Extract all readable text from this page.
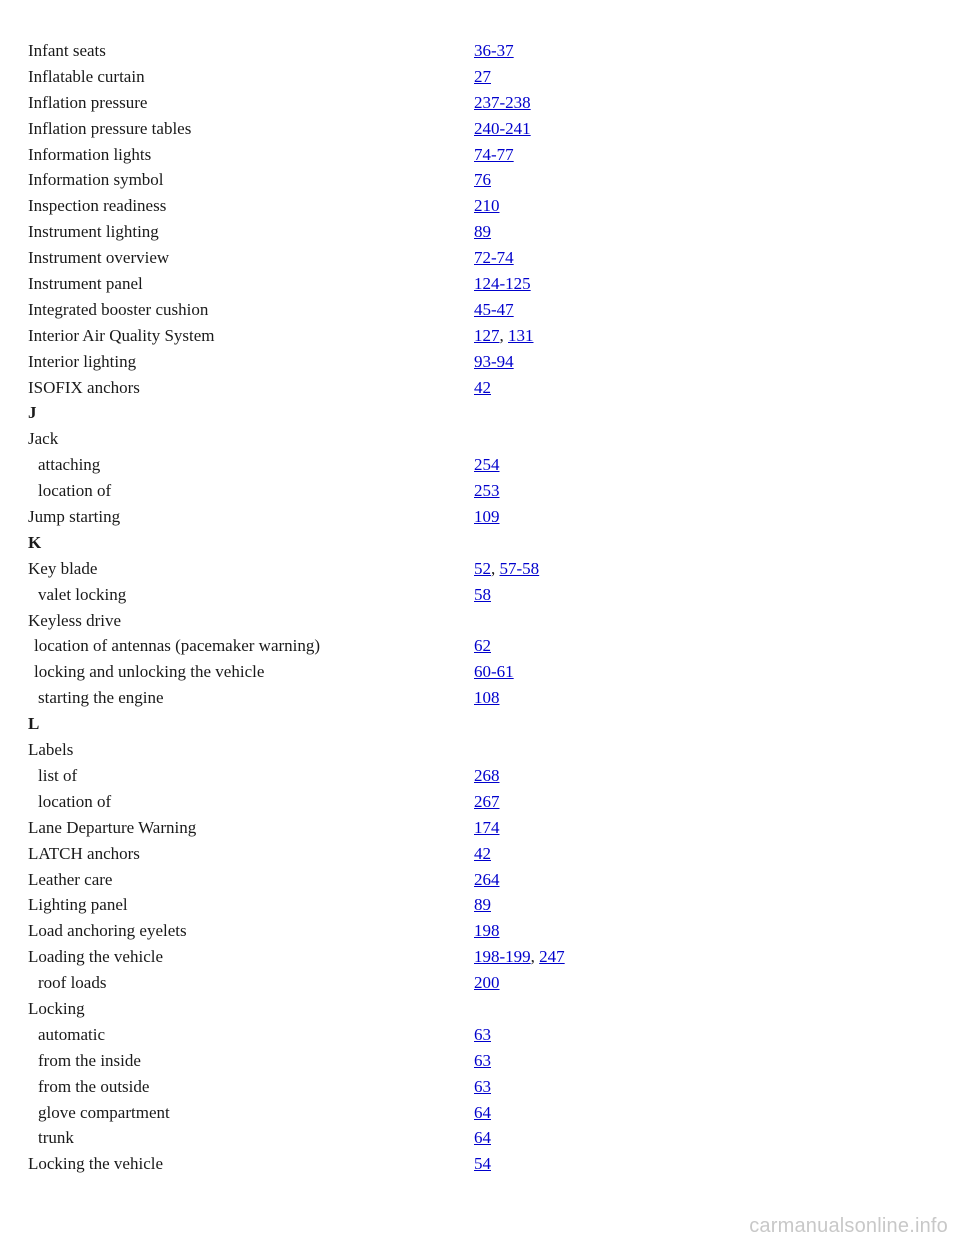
Infant seats	36-37
Inflatable curtain	27
Inflation pressure	237-238
Inflation pressure tables	240-241
Information lights	74-77
Information symbol	76
Inspection readiness	210
Instrument lighting	89
Instrument overview	72-74
Instrument panel	124-125
Integrated booster cushion	45-47
Interior Air Quality System	127, 131
Interior lighting	93-94
ISOFIX anchors	42
J
Jack
attaching	254
location of	253
Jump starting	109
K
Key blade	52, 57-58
valet locking	58
Keyless drive
location of antennas (pacemaker warning)	62
locking and unlocking the vehicle	60-61
starting the engine	108
L
Labels
list of	268
location of	267
Lane Departure Warning	174
LATCH anchors	42
Leather care	264
Lighting panel	89
Load anchoring eyelets	198
Loading the vehicle	198-199, 247
roof loads	200
Locking
automatic	63
from the inside	63
from the outside	63
glove compartment	64
trunk	64
Locking the vehicle	54
carmanualsonline.info
